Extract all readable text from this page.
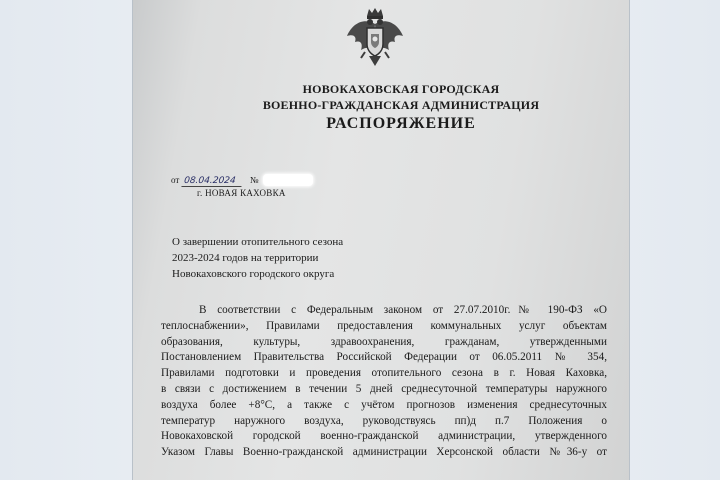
НОВОКАХОВСКАЯ ГОРОДСКАЯ
ВОЕННО-ГРАЖДАНСКАЯ АДМИНИСТРАЦИЯ
РАСПОРЯЖЕНИЕ
от 08.04.2024 №
г. НОВАЯ КАХОВКА
О завершении отопительного сезона
2023-2024 годов на территории
Новокаховского городского округа
В соответствии с Федеральным законом от 27.07.2010г.№ 190-ФЗ «О
теплоснабжении», Правилами предоставления коммунальных услуг объектам
образования, культуры, здравоохранения, гражданам, утвержденными
Постановлением Правительства Российской Федерации от 06.05.2011 № 354,
Правилами подготовки и проведения отопительного сезона в г. Новая Каховка,
в связи с достижением в течении 5 дней среднесуточной температуры наружного
воздуха более +8°С, а также с учётом прогнозов изменения среднесуточных
температур наружного воздуха, руководствуясь пп)д п.7 Положения о
Новокаховской городской военно-гражданской администрации, утвержденного
Указом Главы Военно-гражданской администрации Херсонской области №36-у от
